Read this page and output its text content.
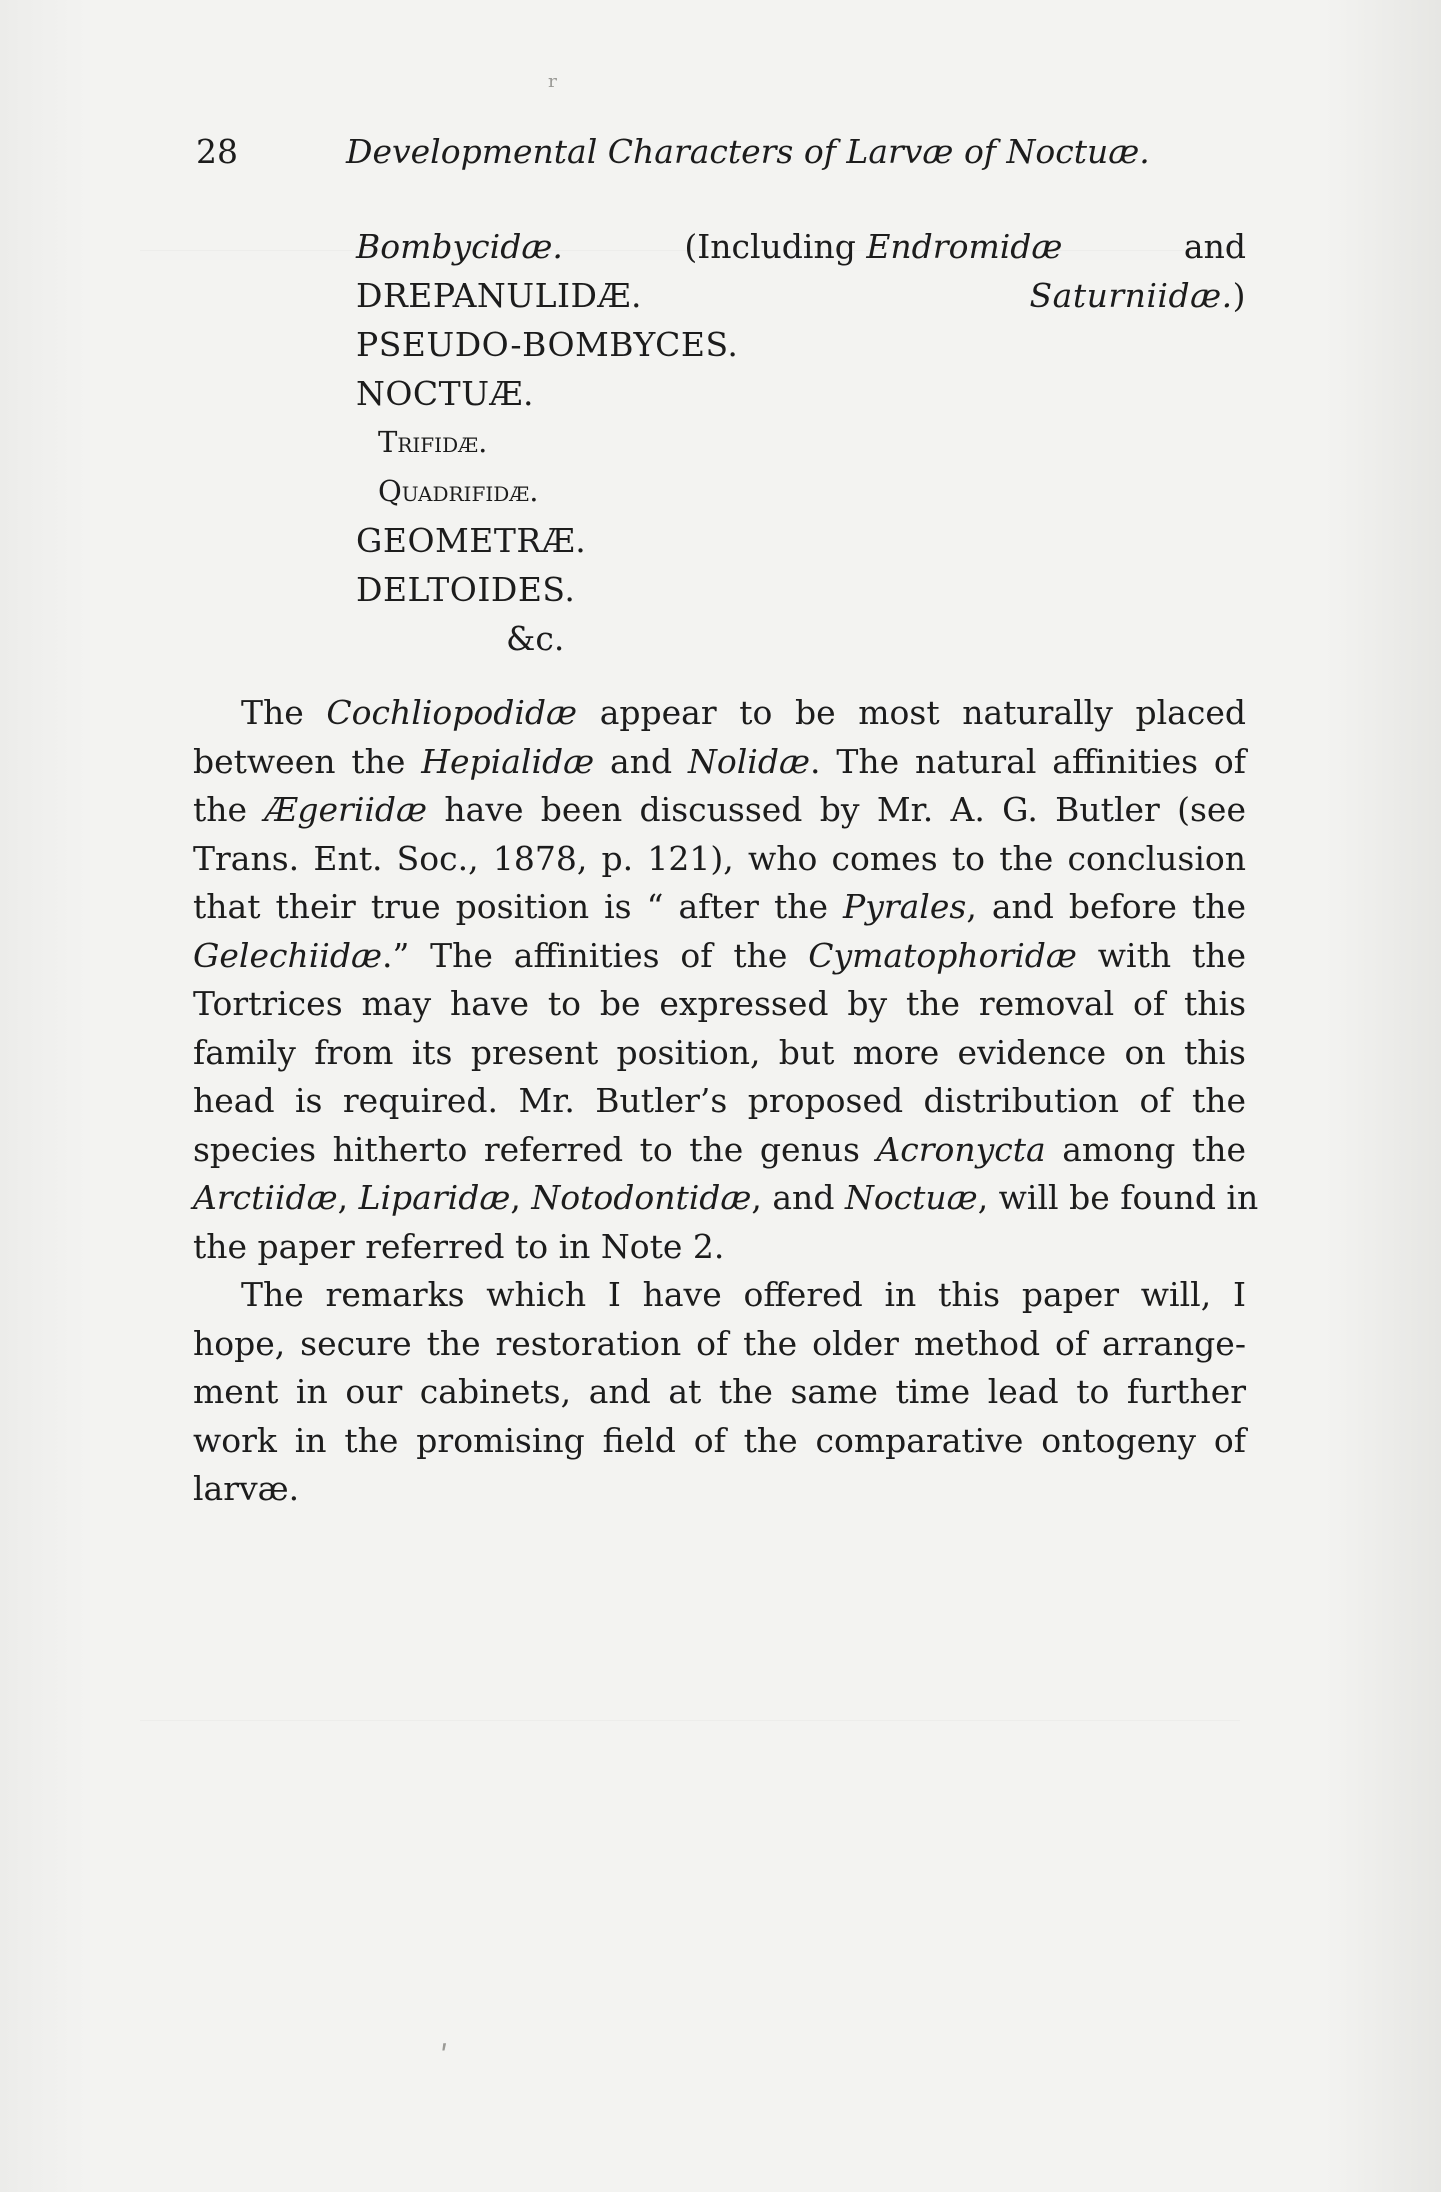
ʳ
ʹ
28	Developmental Characters of Larvæ of Noctuæ.
Bombycidæ.	(Including Endromidæ	and
DREPANULIDÆ.	Saturniidæ.)
PSEUDO-BOMBYCES.
NOCTUÆ.
Trifidæ.
Quadrifidæ.
GEOMETRÆ.
DELTOIDES.
&c.
The Cochliopodidæ appear to be most naturally placed
between the Hepialidæ and Nolidæ. The natural affinities of
the Ægeriidæ have been discussed by Mr. A. G. Butler (see
Trans. Ent. Soc., 1878, p. 121), who comes to the conclusion
that their true position is “ after the Pyrales, and before the
Gelechiidæ.” The affinities of the Cymatophoridæ with the
Tortrices may have to be expressed by the removal of this
family from its present position, but more evidence on this
head is required. Mr. Butler’s proposed distribution of the
species hitherto referred to the genus Acronycta among the
Arctiidæ, Liparidæ, Notodontidæ, and Noctuæ, will be found in
the paper referred to in Note 2.
The remarks which I have offered in this paper will, I
hope, secure the restoration of the older method of arrange-
ment in our cabinets, and at the same time lead to further
work in the promising field of the comparative ontogeny of
larvæ.
